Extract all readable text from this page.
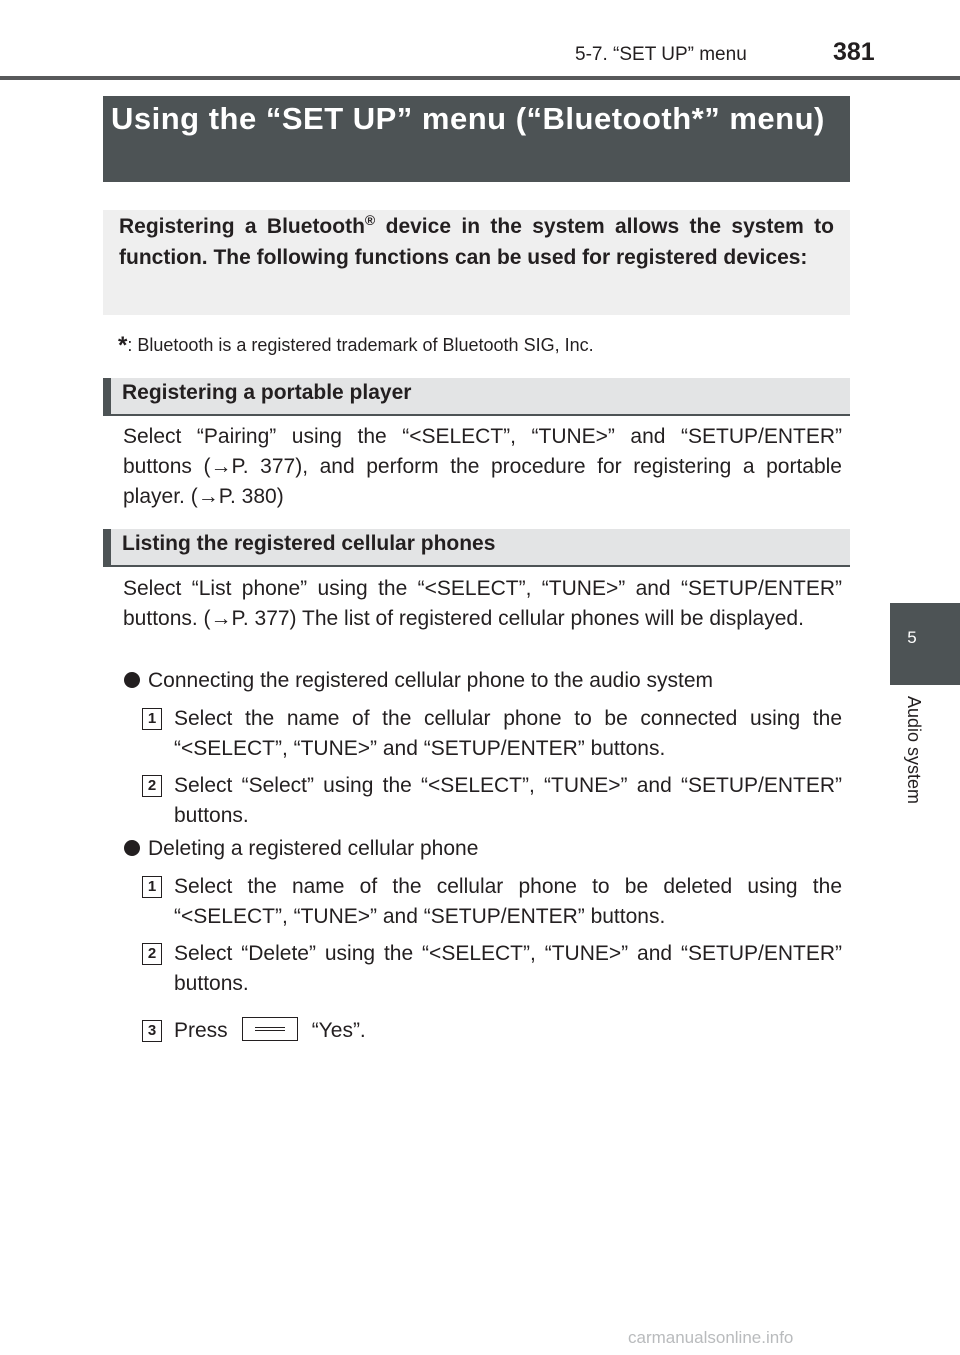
5-7. “SET UP” menu	381
5
Audio system
Using the “SET UP” menu (“Bluetooth*” menu)
Registering a Bluetooth® device in the system allows the system to function. The following functions can be used for registered devices:
*: Bluetooth is a registered trademark of Bluetooth SIG, Inc.
Registering a portable player
Select “Pairing” using the “<SELECT”, “TUNE>” and “SETUP/ENTER” buttons (→P. 377), and perform the procedure for registering a portable player. (→P. 380)
Listing the registered cellular phones
Select “List phone” using the “<SELECT”, “TUNE>” and “SETUP/ENTER” buttons. (→P. 377) The list of registered cellular phones will be displayed.
Connecting the registered cellular phone to the audio system
1 Select the name of the cellular phone to be connected using the “<SELECT”, “TUNE>” and “SETUP/ENTER” buttons.
2 Select “Select” using the “<SELECT”, “TUNE>” and “SETUP/ENTER” buttons.
Deleting a registered cellular phone
1 Select the name of the cellular phone to be deleted using the “<SELECT”, “TUNE>” and “SETUP/ENTER” buttons.
2 Select “Delete” using the “<SELECT”, “TUNE>” and “SETUP/ENTER” buttons.
3 Press	“Yes”.
carmanualsonline.info
